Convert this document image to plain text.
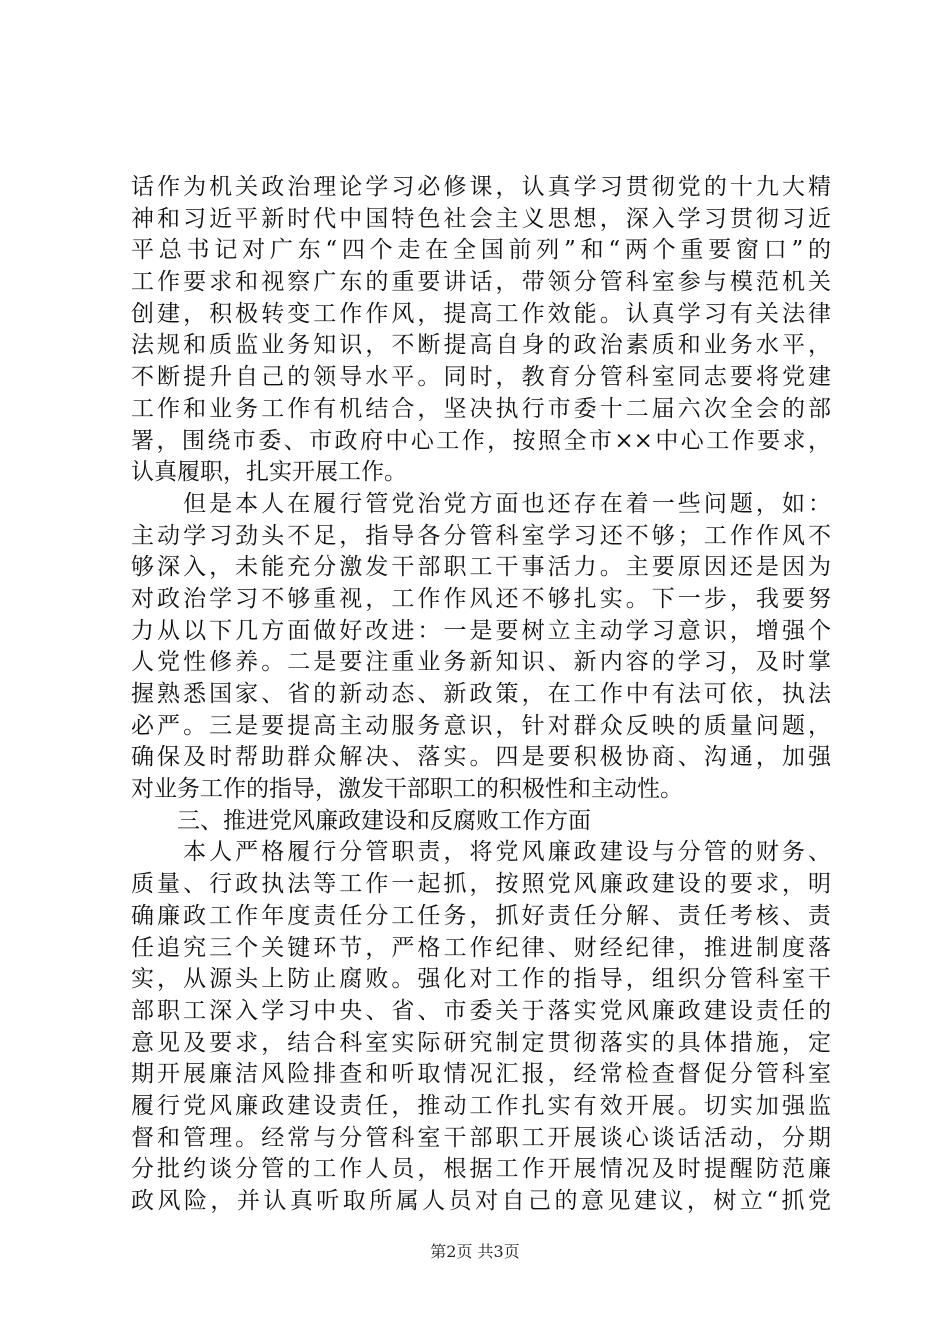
话作为机关政治理论学习必修课，认真学习贯彻党的十九大精
神和习近平新时代中国特色社会主义思想，深入学习贯彻习近
平总书记对广东“四个走在全国前列”和“两个重要窗口”的
工作要求和视察广东的重要讲话，带领分管科室参与模范机关
创建，积极转变工作作风，提高工作效能。认真学习有关法律
法规和质监业务知识，不断提高自身的政治素质和业务水平，
不断提升自己的领导水平。同时，教育分管科室同志要将党建
工作和业务工作有机结合，坚决执行市委十二届六次全会的部
署，围绕市委、市政府中心工作，按照全市××中心工作要求，
认真履职，扎实开展工作。
　　但是本人在履行管党治党方面也还存在着一些问题，如：
主动学习劲头不足，指导各分管科室学习还不够；工作作风不
够深入，未能充分激发干部职工干事活力。主要原因还是因为
对政治学习不够重视，工作作风还不够扎实。下一步，我要努
力从以下几方面做好改进：一是要树立主动学习意识，增强个
人党性修养。二是要注重业务新知识、新内容的学习，及时掌
握熟悉国家、省的新动态、新政策，在工作中有法可依，执法
必严。三是要提高主动服务意识，针对群众反映的质量问题，
确保及时帮助群众解决、落实。四是要积极协商、沟通，加强
对业务工作的指导，激发干部职工的积极性和主动性。
　　三、推进党风廉政建设和反腐败工作方面
　　本人严格履行分管职责，将党风廉政建设与分管的财务、
质量、行政执法等工作一起抓，按照党风廉政建设的要求，明
确廉政工作年度责任分工任务，抓好责任分解、责任考核、责
任追究三个关键环节，严格工作纪律、财经纪律，推进制度落
实，从源头上防止腐败。强化对工作的指导，组织分管科室干
部职工深入学习中央、省、市委关于落实党风廉政建设责任的
意见及要求，结合科室实际研究制定贯彻落实的具体措施，定
期开展廉洁风险排查和听取情况汇报，经常检查督促分管科室
履行党风廉政建设责任，推动工作扎实有效开展。切实加强监
督和管理。经常与分管科室干部职工开展谈心谈话活动，分期
分批约谈分管的工作人员，根据工作开展情况及时提醒防范廉
政风险，并认真听取所属人员对自己的意见建议，树立“抓党
第2页 共3页
